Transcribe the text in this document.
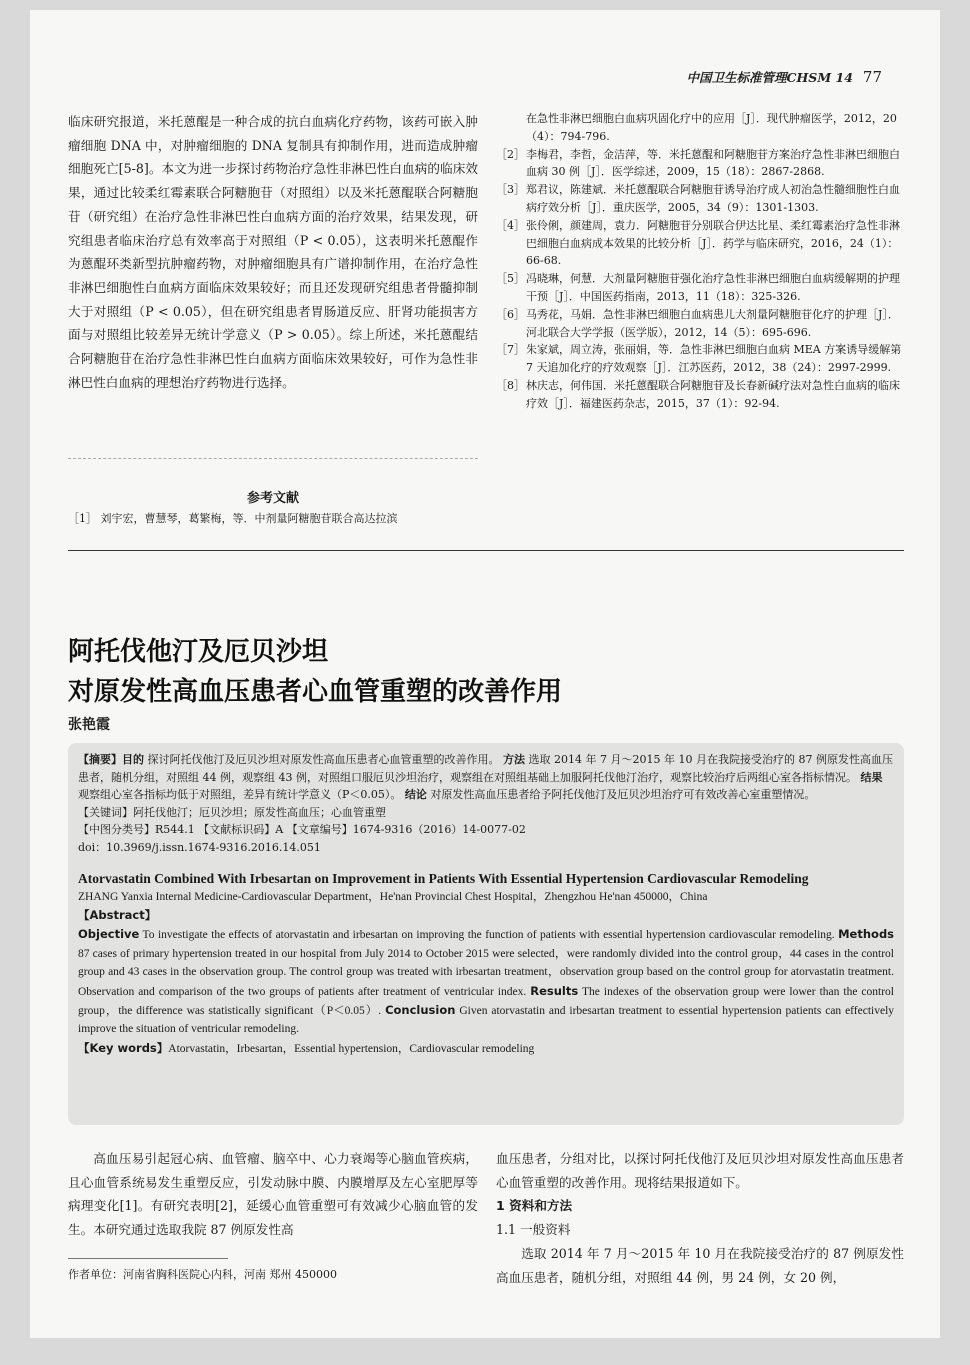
中国卫生标准管理CHSM 14 77
临床研究报道，米托蒽醌是一种合成的抗白血病化疗药物，该药可嵌入肿瘤细胞 DNA 中，对肿瘤细胞的 DNA 复制具有抑制作用，进而造成肿瘤细胞死亡[5-8]。本文为进一步探讨药物治疗急性非淋巴性白血病的临床效果，通过比较柔红霉素联合阿糖胞苷（对照组）以及米托蒽醌联合阿糖胞苷（研究组）在治疗急性非淋巴性白血病方面的治疗效果，结果发现，研究组患者临床治疗总有效率高于对照组（P < 0.05），这表明米托蒽醌作为蒽醌环类新型抗肿瘤药物，对肿瘤细胞具有广谱抑制作用，在治疗急性非淋巴细胞性白血病方面临床效果较好；而且还发现研究组患者骨髓抑制大于对照组（P < 0.05），但在研究组患者胃肠道反应、肝肾功能损害方面与对照组比较差异无统计学意义（P > 0.05）。综上所述，米托蒽醌结合阿糖胞苷在治疗急性非淋巴性白血病方面临床效果较好，可作为急性非淋巴性白血病的理想治疗药物进行选择。
在急性非淋巴细胞白血病巩固化疗中的应用［J］．现代肿瘤医学，2012，20（4）：794-796.
［2］ 李梅君，李哲，金洁萍，等．米托蒽醌和阿糖胞苷方案治疗急性非淋巴细胞白血病 30 例［J］．医学综述，2009，15（18）：2867-2868.
［3］ 郑君议，陈建斌．米托蒽醌联合阿糖胞苷诱导治疗成人初治急性髓细胞性白血病疗效分析［J］．重庆医学，2005，34（9）：1301-1303.
［4］ 张伶俐，颜建周，袁力．阿糖胞苷分别联合伊达比星、柔红霉素治疗急性非淋巴细胞白血病成本效果的比较分析［J］．药学与临床研究，2016，24（1）：66-68.
［5］ 冯晓琳，何慧．大剂量阿糖胞苷强化治疗急性非淋巴细胞白血病缓解期的护理干预［J］．中国医药指南，2013，11（18）：325-326.
［6］ 马秀花，马娟．急性非淋巴细胞白血病患儿大剂量阿糖胞苷化疗的护理［J］．河北联合大学学报（医学版），2012，14（5）：695-696.
［7］ 朱家斌，周立涛，张丽娟，等．急性非淋巴细胞白血病 MEA 方案诱导缓解第 7 天追加化疗的疗效观察［J］．江苏医药，2012，38（24）：2997-2999.
［8］ 林庆志，何伟国．米托蒽醌联合阿糖胞苷及长春新碱疗法对急性白血病的临床疗效［J］．福建医药杂志，2015，37（1）：92-94.
参考文献
［1］ 刘宇宏，曹慧琴，葛繁梅，等．中剂量阿糖胞苷联合高达拉滨
阿托伐他汀及厄贝沙坦
对原发性高血压患者心血管重塑的改善作用
张艳霞
【摘要】目的 探讨阿托伐他汀及厄贝沙坦对原发性高血压患者心血管重塑的改善作用。 方法 选取 2014 年 7 月～2015 年 10 月在我院接受治疗的 87 例原发性高血压患者，随机分组，对照组 44 例，观察组 43 例，对照组口服厄贝沙坦治疗，观察组在对照组基础上加服阿托伐他汀治疗，观察比较治疗后两组心室各指标情况。 结果 观察组心室各指标均低于对照组，差异有统计学意义（P＜0.05）。 结论 对原发性高血压患者给予阿托伐他汀及厄贝沙坦治疗可有效改善心室重塑情况。
【关键词】阿托伐他汀；厄贝沙坦；原发性高血压；心血管重塑
【中图分类号】R544.1 【文献标识码】A 【文章编号】1674-9316（2016）14-0077-02
doi：10.3969/j.issn.1674-9316.2016.14.051
Atorvastatin Combined With Irbesartan on Improvement in Patients With Essential Hypertension Cardiovascular Remodeling
ZHANG Yanxia Internal Medicine-Cardiovascular Department，He'nan Provincial Chest Hospital，Zhengzhou He'nan 450000，China
【Abstract】
Objective To investigate the effects of atorvastatin and irbesartan on improving the function of patients with essential hypertension cardiovascular remodeling. Methods 87 cases of primary hypertension treated in our hospital from July 2014 to October 2015 were selected，were randomly divided into the control group，44 cases in the control group and 43 cases in the observation group. The control group was treated with irbesartan treatment，observation group based on the control group for atorvastatin treatment. Observation and comparison of the two groups of patients after treatment of ventricular index. Results The indexes of the observation group were lower than the control group，the difference was statistically significant（P＜0.05）. Conclusion Given atorvastatin and irbesartan treatment to essential hypertension patients can effectively improve the situation of ventricular remodeling.
【Key words】Atorvastatin，Irbesartan，Essential hypertension，Cardiovascular remodeling
高血压易引起冠心病、血管瘤、脑卒中、心力衰竭等心脑血管疾病，且心血管系统易发生重塑反应，引发动脉中膜、内膜增厚及左心室肥厚等病理变化[1]。有研究表明[2]，延缓心血管重塑可有效减少心脑血管的发生。本研究通过选取我院 87 例原发性高
血压患者，分组对比，以探讨阿托伐他汀及厄贝沙坦对原发性高血压患者心血管重塑的改善作用。现将结果报道如下。
1 资料和方法
1.1 一般资料
选取 2014 年 7 月～2015 年 10 月在我院接受治疗的 87 例原发性高血压患者，随机分组，对照组 44 例，男 24 例，女 20 例，
作者单位：河南省胸科医院心内科，河南 郑州 450000
